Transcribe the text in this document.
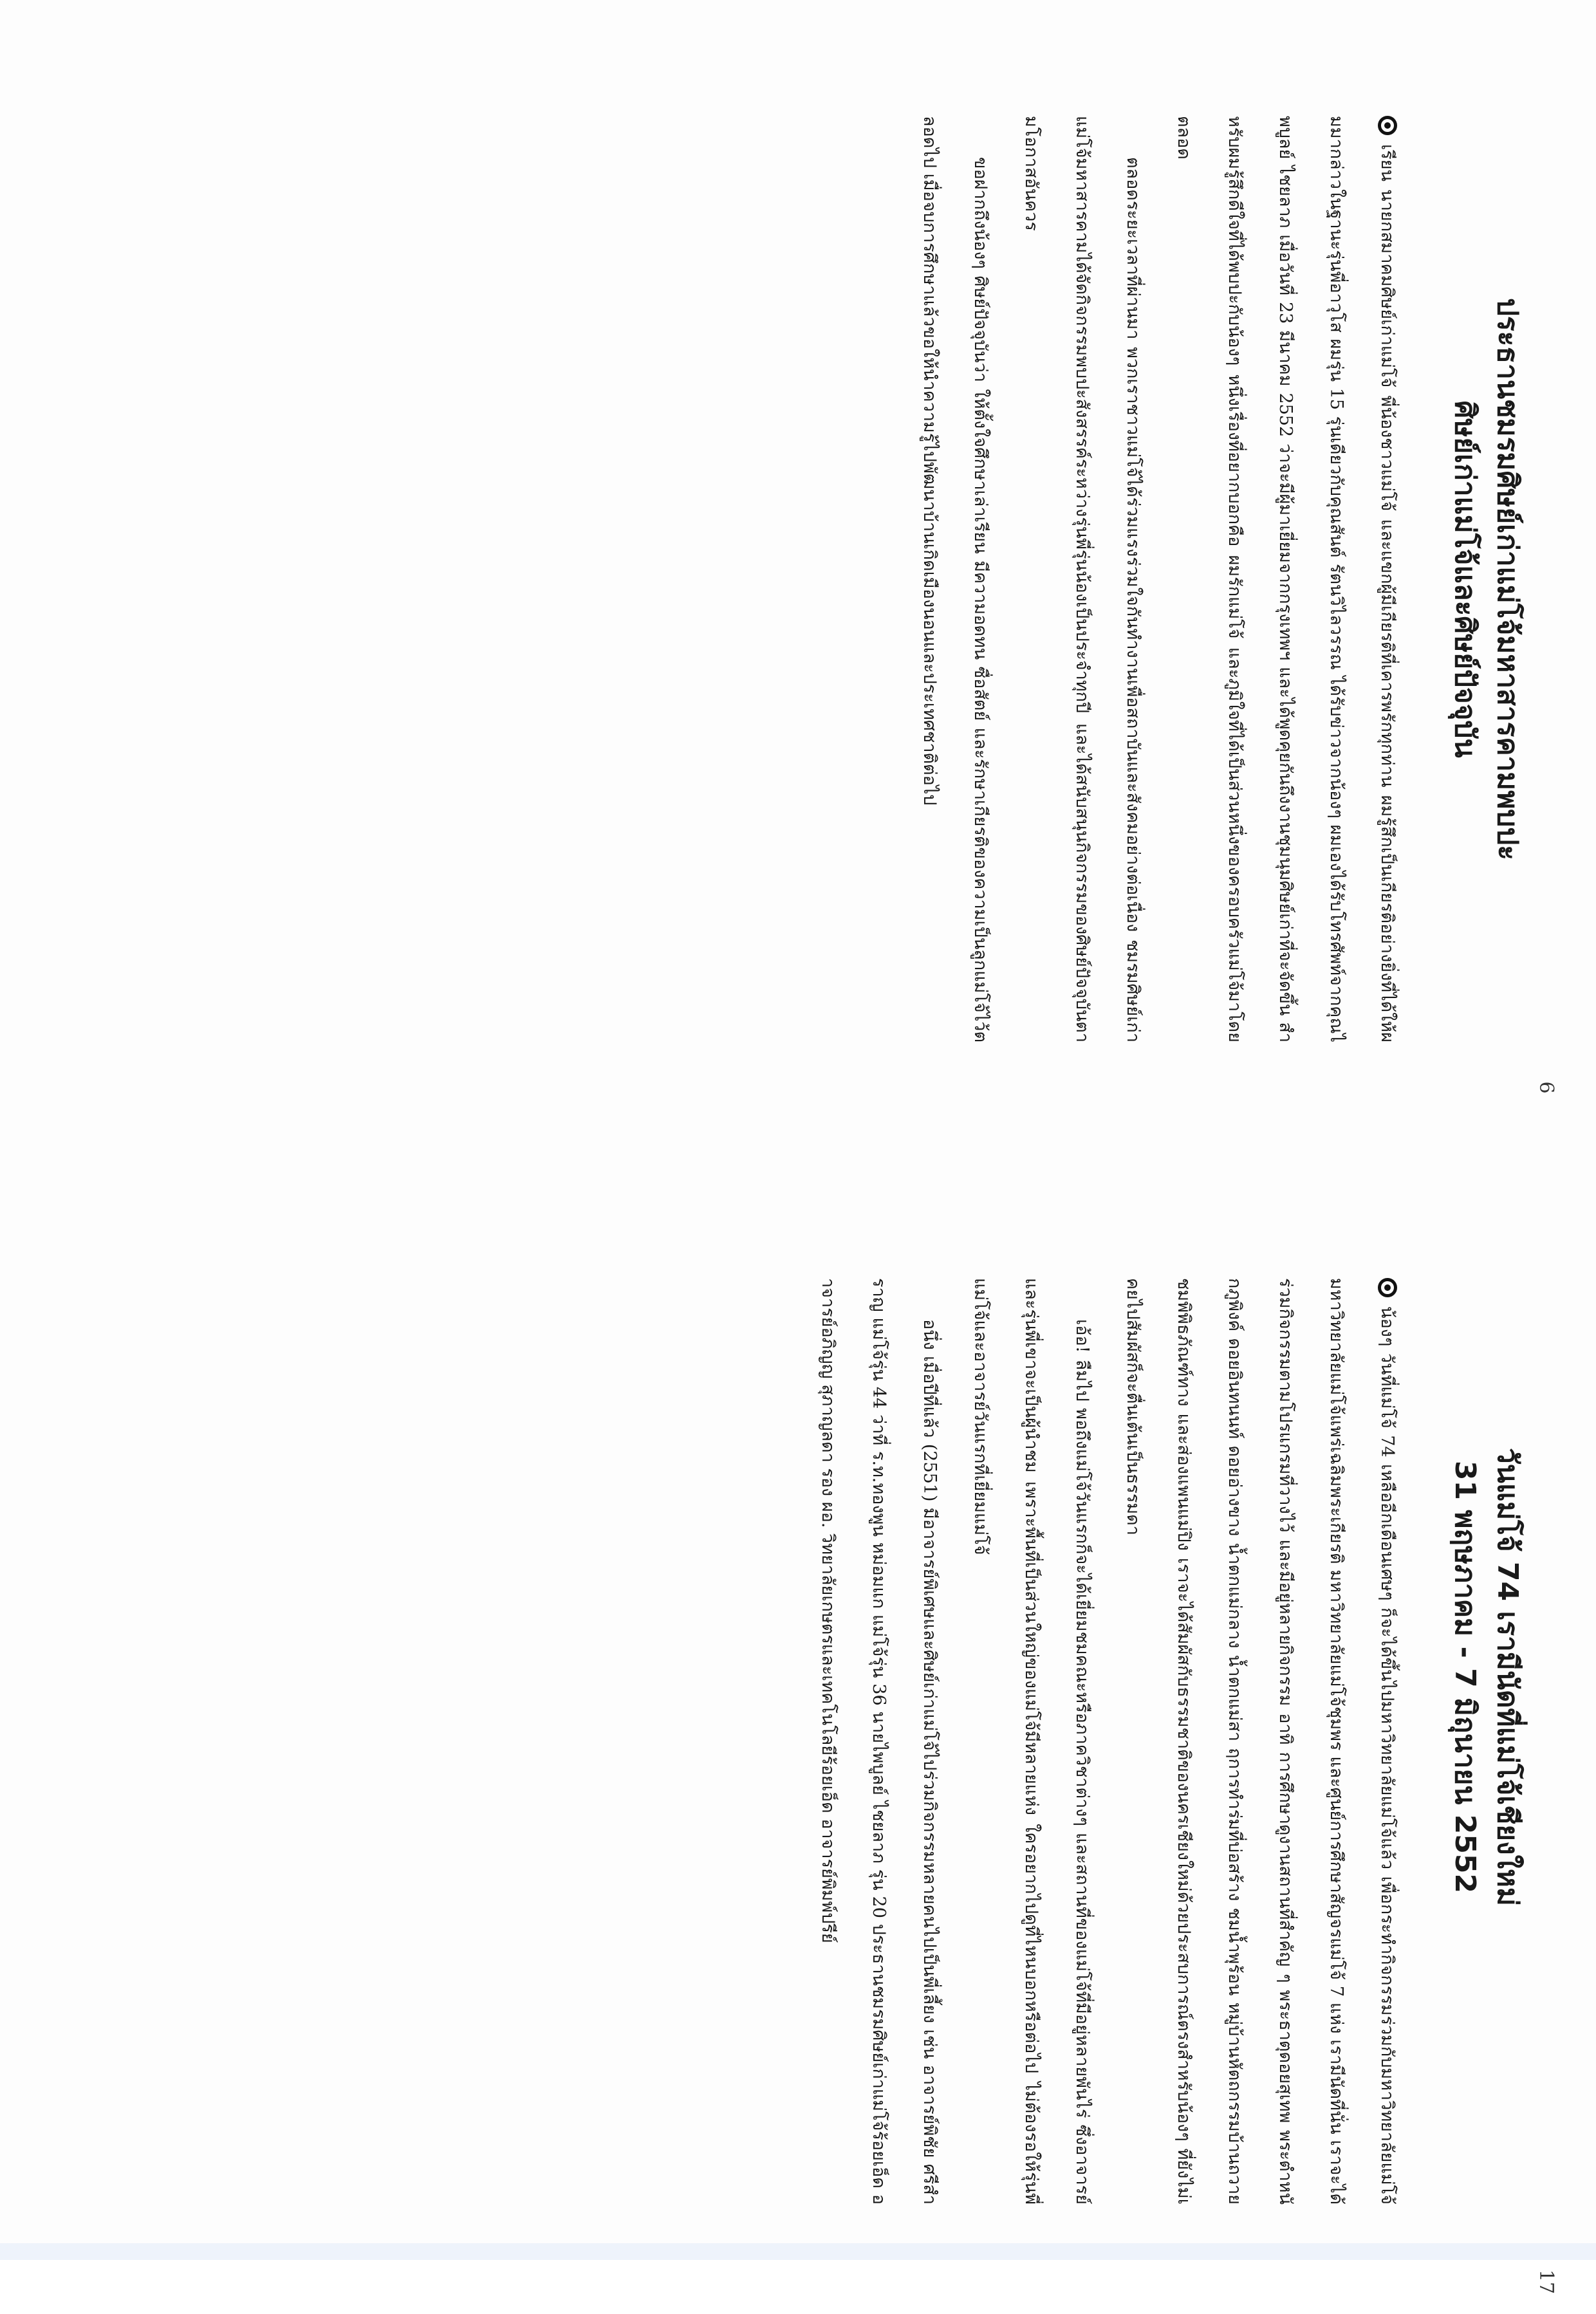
6
ประธานชมรมศิษย์เก่าแม่โจ้มหาสารคามพบปะ
ศิษย์เก่าแม่โจ้และศิษย์ปัจจุบัน

เรียน นายกสมาคมศิษย์เก่าแม่โจ้ พี่น้องชาวแม่โจ้ และแขกผู้มีเกียรติที่เคารพรักทุกท่าน ผมรู้สึกเป็นเกียรติอย่างยิ่งที่ได้ให้ผมมากล่าวในฐานะรุ่นพี่อาวุโส ผมรุ่น 15 รุ่นเดียวกับคุณสันต์ รัตนวิไลวรรณ ได้รับข่าวจากน้องๆ ผมเองได้รับโทรศัพท์จากคุณไพบูลย์ ไชยลาภ เมื่อวันที่ 23 มีนาคม 2552 ว่าจะมีผู้มาเยี่ยมจากกรุงเทพฯ และได้พูดคุยกันถึงงานชุมนุมศิษย์เก่าที่จะจัดขึ้น สำหรับผมรู้สึกดีใจที่ได้พบปะกับน้องๆ หนึ่งเรื่องที่อยากบอกคือ ผมรักแม่โจ้ และภูมิใจที่ได้เป็นส่วนหนึ่งของครอบครัวแม่โจ้มาโดยตลอด

ตลอดระยะเวลาที่ผ่านมา พวกเราชาวแม่โจ้ได้ร่วมแรงร่วมใจกันทำงานเพื่อสถาบันและสังคมอย่างต่อเนื่อง ชมรมศิษย์เก่าแม่โจ้มหาสารคามได้จัดกิจกรรมพบปะสังสรรค์ระหว่างรุ่นพี่รุ่นน้องเป็นประจำทุกปี และได้สนับสนุนกิจกรรมของศิษย์ปัจจุบันตามโอกาสอันควร

ขอฝากถึงน้องๆ ศิษย์ปัจจุบันว่า ให้ตั้งใจศึกษาเล่าเรียน มีความอดทน ซื่อสัตย์ และรักษาเกียรติของความเป็นลูกแม่โจ้ไว้ตลอดไป เมื่อจบการศึกษาแล้วขอให้นำความรู้ไปพัฒนาบ้านเกิดเมืองนอนและประเทศชาติต่อไป

17
วันแม่โจ้ 74 เรามีนัดที่แม่โจ้เชียงใหม่
31 พฤษภาคม - 7 มิถุนายน 2552

น้องๆ วันที่แม่โจ้ 74 เหลืออีกเดือนเศษๆ ก็จะได้ขึ้นไปมหาวิทยาลัยแม่โจ้แล้ว เพื่อกระทำกิจกรรมร่วมกับมหาวิทยาลัยแม่โจ้ มหาวิทยาลัยแม่โจ้แพร่เฉลิมพระเกียรติ มหาวิทยาลัยแม่โจ้ชุมพร และศูนย์การศึกษาสัญจรแม่โจ้ 7 แห่ง เรามีนัดที่นั่น เราจะได้ร่วมกิจกรรมตามโปรแกรมที่วางไว้ และมีอยู่หลายกิจกรรม อาทิ การศึกษาดูงานสถานที่สำคัญ ๆ พระธาตุดอยสุเทพ พระตำหนักภูพิงค์ ดอยอินทนนท์ ดอยอ่างขาง น้ำตกแม่กลาง น้ำตกแม่สา ฤการทำร่มที่บ่อสร้าง ชมน้ำพุร้อน หมู่บ้านหัตถกรรมบ้านถวาย ชมพิพิธภัณฑ์ทาง และส่องแพนแม่ปิง เราจะได้สัมผัสกับธรรมชาติของนครเชียงใหม่ด้วยประสบการณ์ตรงสำหรับน้องๆ ที่ยังไม่เคยไปสัมผัสก็จะตื่นเต้นเป็นธรรมดา

เอ้อ! ลืมไป พอถึงแม่โจ้วันแรกก็จะได้เยี่ยมชมคณะหรือภาควิชาต่างๆ และสถานที่ของแม่โจ้ที่มีอยู่หลายพันไร่ ซึ่งอาจารย์และรุ่นพี่เขาจะเป็นผู้นำชม เพราะพื้นที่เป็นส่วนใหญ่ของแม่โจ้มีหลายแห่ง ใครอยากไปดูที่ไหนบอกหรือต่อไป ไม่ต้องรอให้รุ่นพี่แม่โจ้และอาจารย์วันแรกที่เยี่ยมแม่โจ้

อนึ่ง เมื่อปีที่แล้ว (2551) มีอาจารย์พิเศษและศิษย์เก่าแม่โจ้ไปร่วมกิจกรรมหลายคนไปเป็นพี่เลี้ยง เช่น อาจารย์พิชัย ศรีสำราญ แม่โจ้รุ่น 44 ว่าที่ ร.ท.ทองพูน หม่อมแก แม่โจ้รุ่น 36 นายไพบูลย์ ไชยลาภ รุ่น 20 ประธานชมรมศิษย์เก่าแม่โจ้ร้อยเอ็ด อาจารย์อภิญญ สุภาญลดา รอง ผอ. วิทยาลัยเกษตรและเทคโนโลยีร้อยเอ็ด อาจารย์พิมพ์ปรีย์
